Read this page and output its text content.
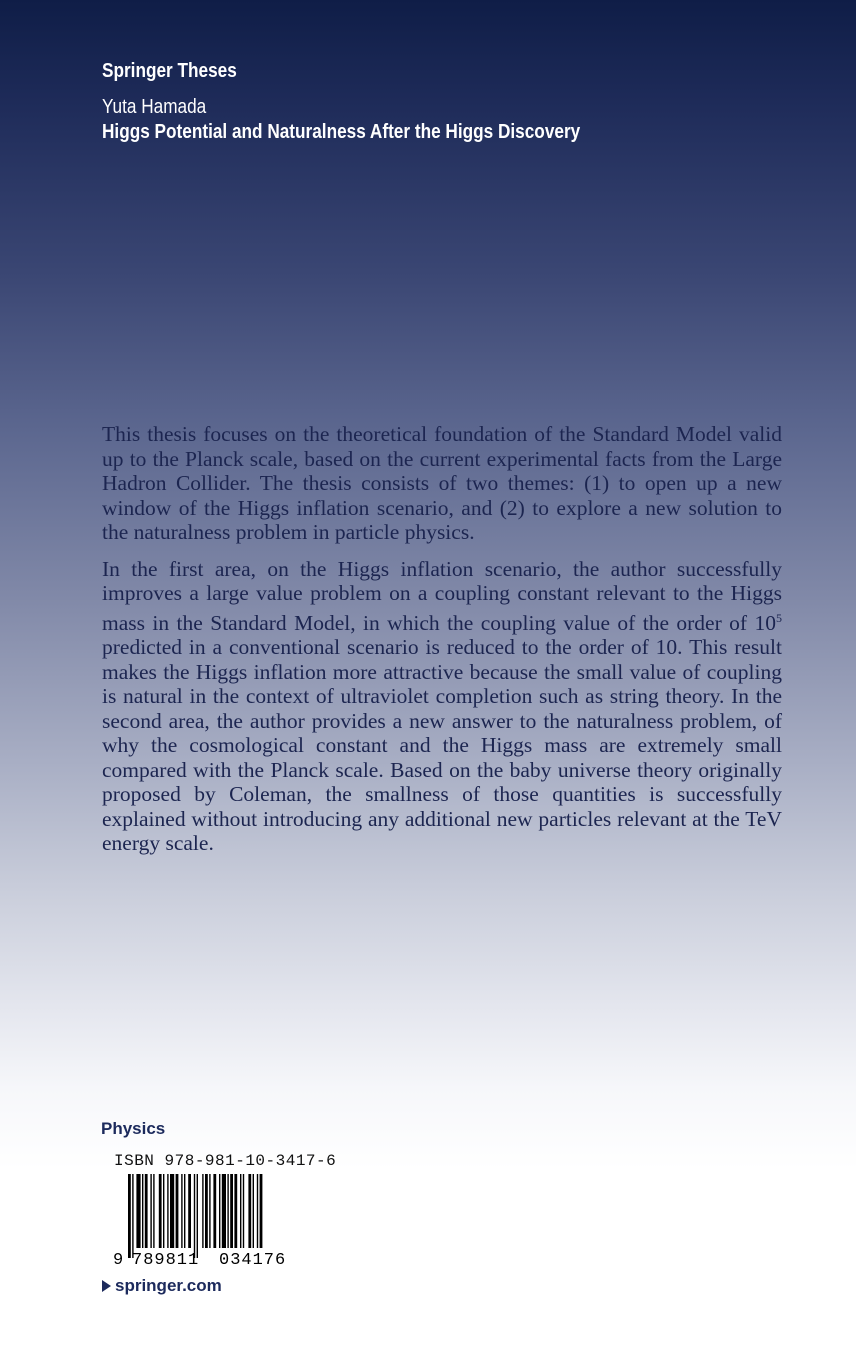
Springer Theses
Yuta Hamada
Higgs Potential and Naturalness After the Higgs Discovery

This thesis focuses on the theoretical foundation of the Standard Model valid up to the Planck scale, based on the current experimental facts from the Large Hadron Collider. The thesis consists of two themes: (1) to open up a new window of the Higgs inflation scenario, and (2) to explore a new solution to the naturalness problem in particle physics.

In the first area, on the Higgs inflation scenario, the author successfully improves a large value problem on a coupling constant relevant to the Higgs mass in the Standard Model, in which the coupling value of the order of $10^5$ predicted in a conventional scenario is reduced to the order of 10. This result makes the Higgs inflation more attractive because the small value of coupling is natural in the context of ultraviolet completion such as string theory. In the second area, the author provides a new answer to the naturalness problem, of why the cosmological constant and the Higgs mass are extremely small compared with the Planck scale. Based on the baby universe theory originally proposed by Coleman, the smallness of those quantities is successfully explained without introducing any additional new particles relevant at the TeV energy scale.

Physics
ISBN 978-981-10-3417-6
9 789811 034176
springer.com
